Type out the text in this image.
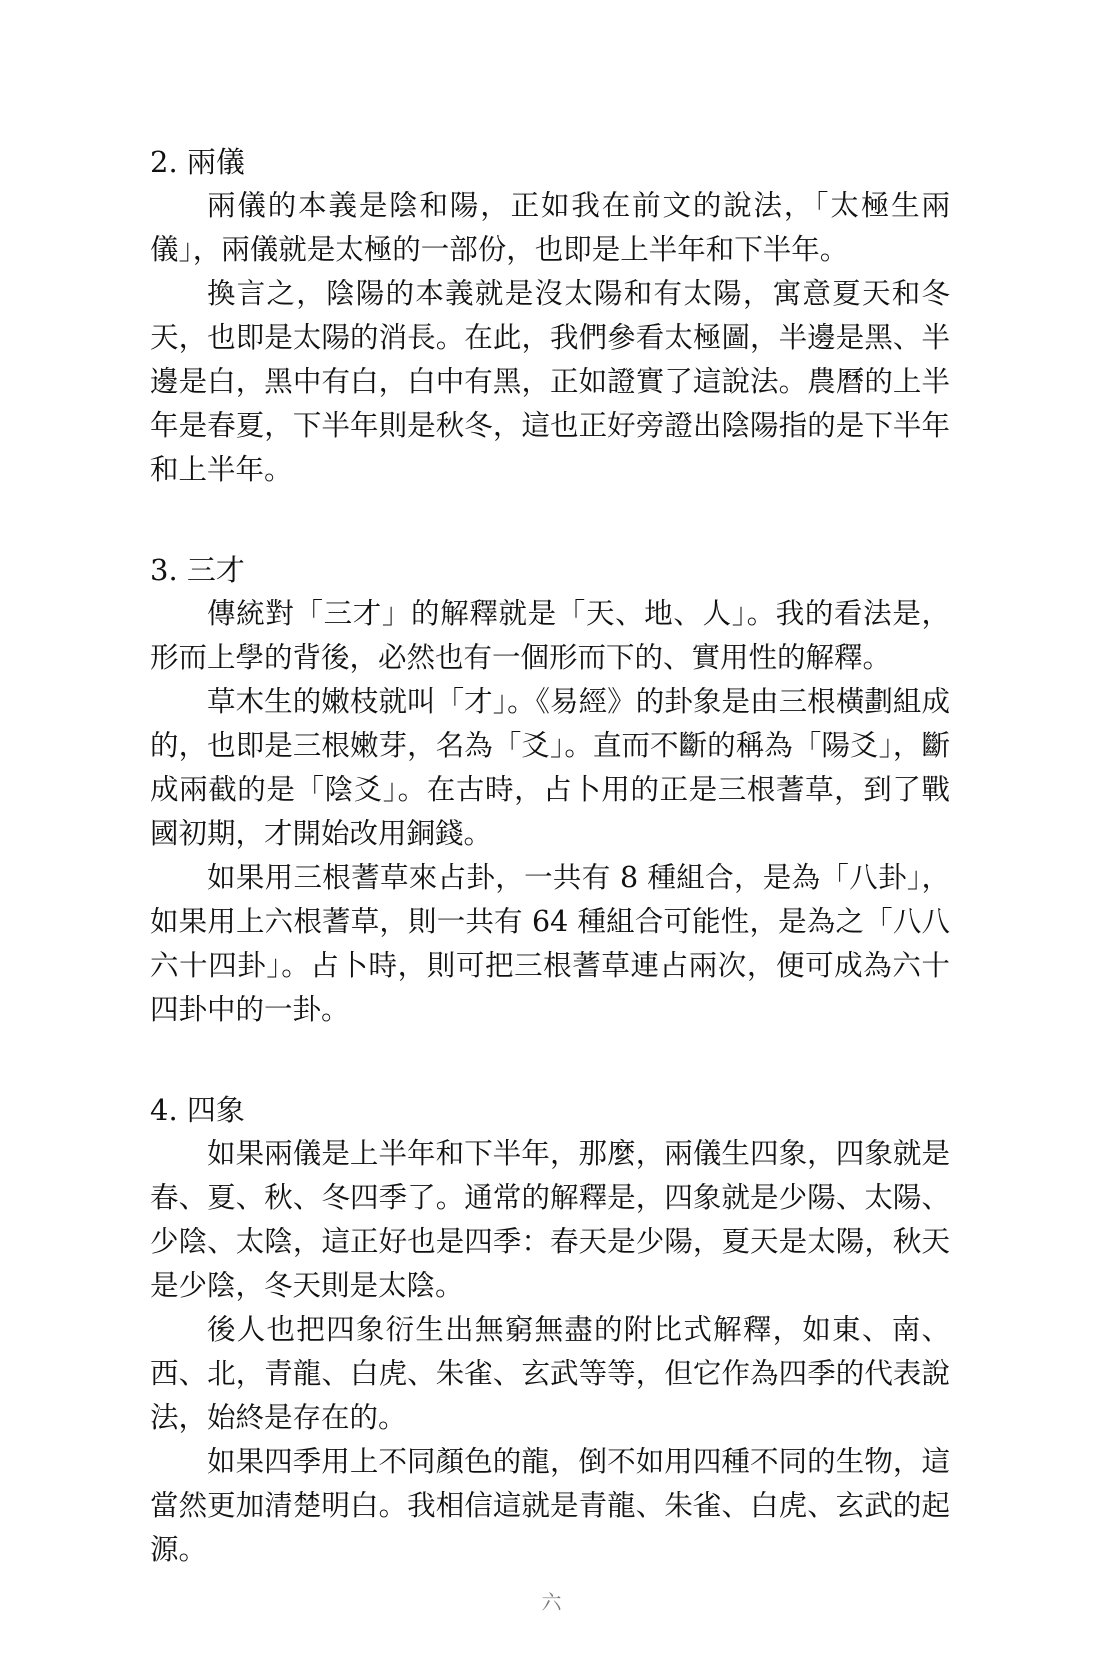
2. 兩儀

兩儀的本義是陰和陽，正如我在前文的說法，「太極生兩儀」，兩儀就是太極的一部份，也即是上半年和下半年。

換言之，陰陽的本義就是沒太陽和有太陽，寓意夏天和冬天，也即是太陽的消長。在此，我們參看太極圖，半邊是黑、半邊是白，黑中有白，白中有黑，正如證實了這說法。農曆的上半年是春夏，下半年則是秋冬，這也正好旁證出陰陽指的是下半年和上半年。

3. 三才

傳統對「三才」的解釋就是「天、地、人」。我的看法是，形而上學的背後，必然也有一個形而下的、實用性的解釋。

草木生的嫩枝就叫「才」。《易經》的卦象是由三根橫劃組成的，也即是三根嫩芽，名為「爻」。直而不斷的稱為「陽爻」，斷成兩截的是「陰爻」。在古時，占卜用的正是三根蓍草，到了戰國初期，才開始改用銅錢。

如果用三根蓍草來占卦，一共有 8 種組合，是為「八卦」，如果用上六根蓍草，則一共有 64 種組合可能性，是為之「八八六十四卦」。占卜時，則可把三根蓍草連占兩次，便可成為六十四卦中的一卦。

4. 四象

如果兩儀是上半年和下半年，那麼，兩儀生四象，四象就是春、夏、秋、冬四季了。通常的解釋是，四象就是少陽、太陽、少陰、太陰，這正好也是四季：春天是少陽，夏天是太陽，秋天是少陰，冬天則是太陰。

後人也把四象衍生出無窮無盡的附比式解釋，如東、南、西、北，青龍、白虎、朱雀、玄武等等，但它作為四季的代表說法，始終是存在的。

如果四季用上不同顏色的龍，倒不如用四種不同的生物，這當然更加清楚明白。我相信這就是青龍、朱雀、白虎、玄武的起源。

六
